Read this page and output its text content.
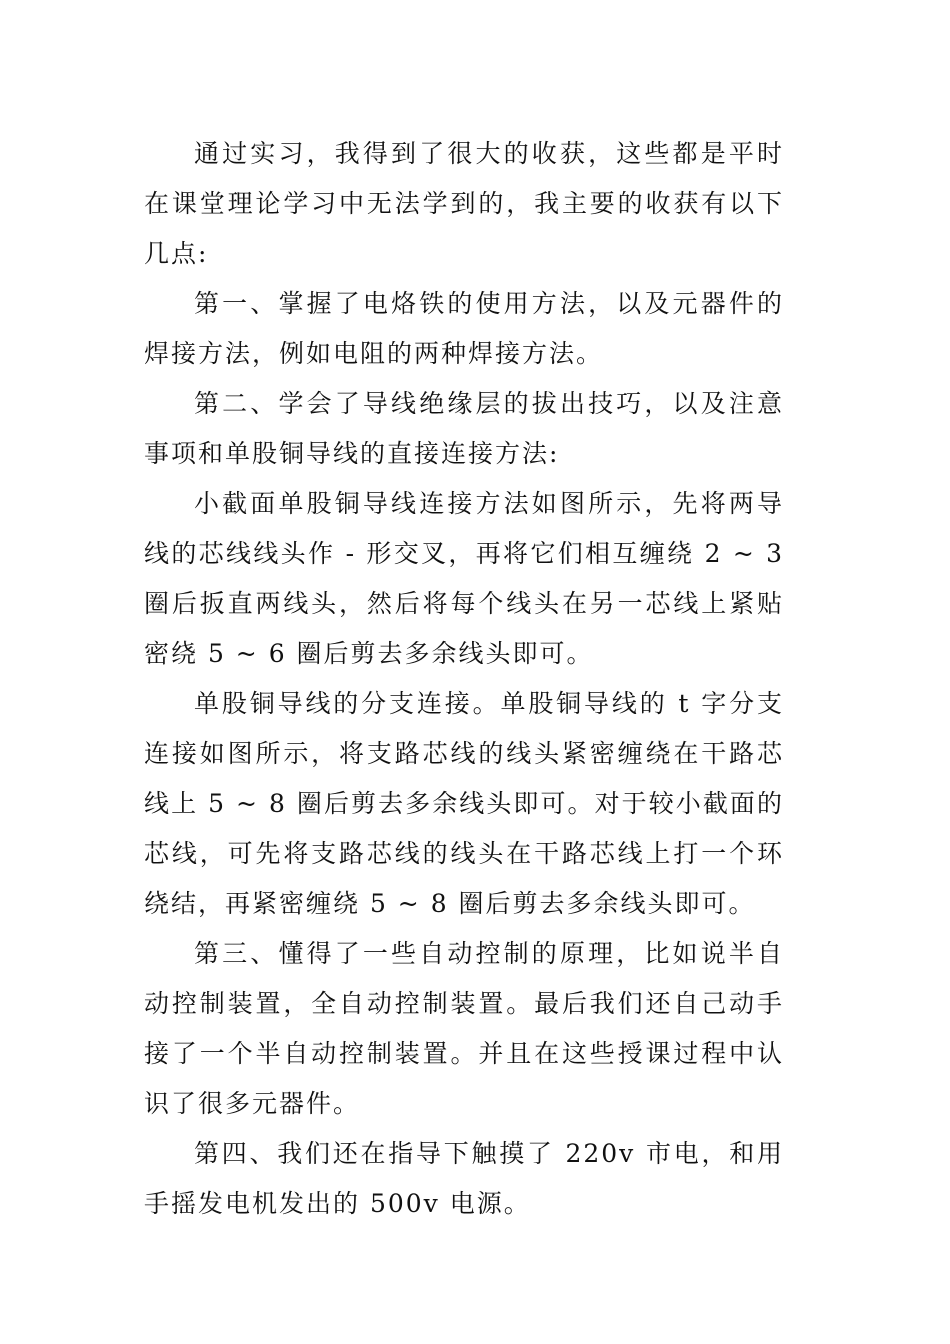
通过实习，我得到了很大的收获，这些都是平时在课堂理论学习中无法学到的，我主要的收获有以下几点:

第一、掌握了电烙铁的使用方法，以及元器件的焊接方法，例如电阻的两种焊接方法。

第二、学会了导线绝缘层的拔出技巧，以及注意事项和单股铜导线的直接连接方法:

小截面单股铜导线连接方法如图所示，先将两导线的芯线线头作 - 形交叉，再将它们相互缠绕 2 ~ 3 圈后扳直两线头，然后将每个线头在另一芯线上紧贴密绕 5 ~ 6 圈后剪去多余线头即可。

单股铜导线的分支连接。单股铜导线的 t 字分支连接如图所示，将支路芯线的线头紧密缠绕在干路芯线上 5 ~ 8 圈后剪去多余线头即可。对于较小截面的芯线，可先将支路芯线的线头在干路芯线上打一个环绕结，再紧密缠绕 5 ~ 8 圈后剪去多余线头即可。

第三、懂得了一些自动控制的原理，比如说半自动控制装置，全自动控制装置。最后我们还自己动手接了一个半自动控制装置。并且在这些授课过程中认识了很多元器件。

第四、我们还在指导下触摸了 220v 市电，和用手摇发电机发出的 500v 电源。
